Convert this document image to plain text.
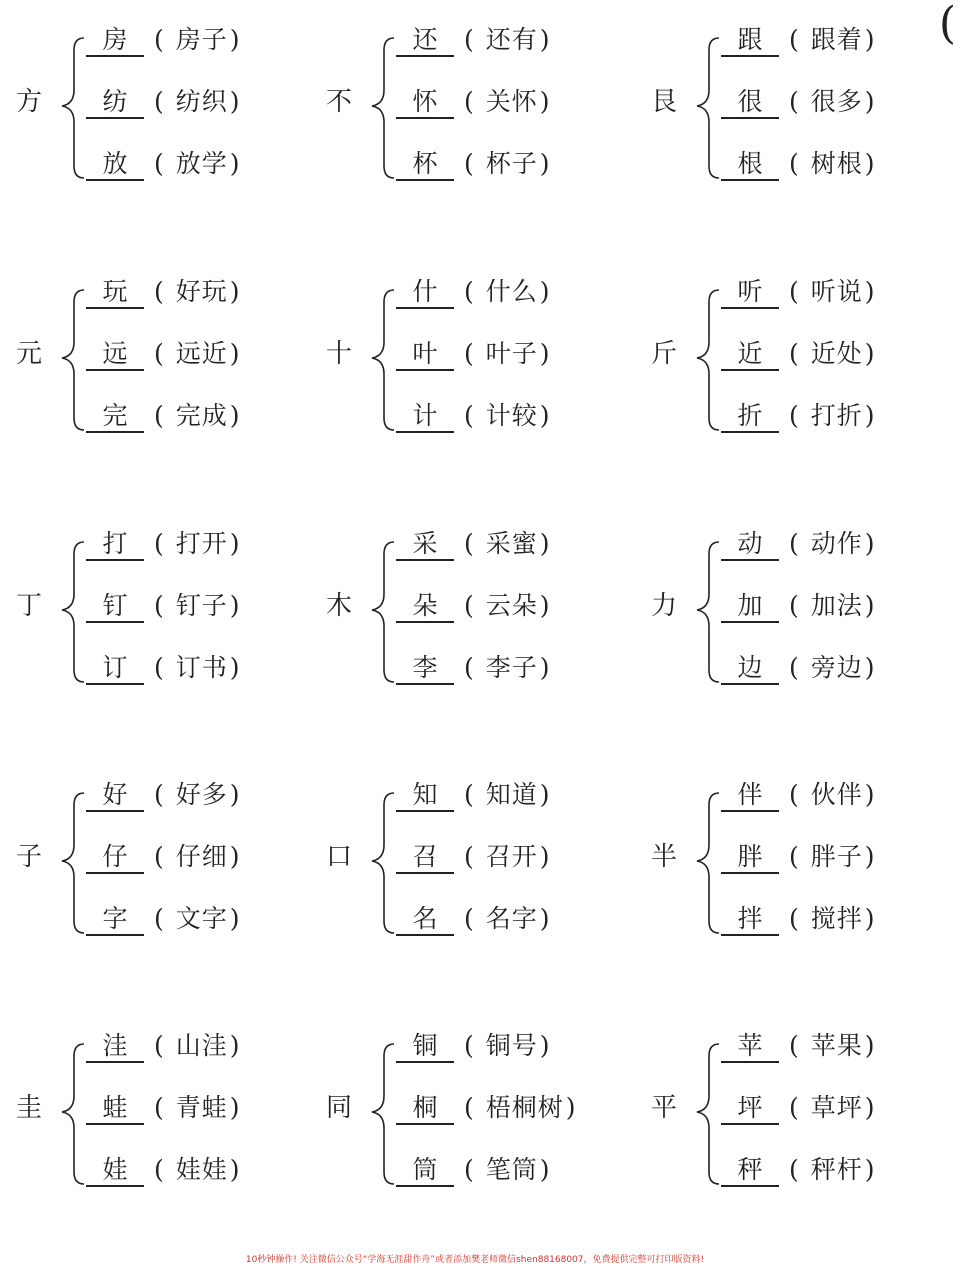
方
房 ( 房子)
纺 ( 纺织)
放 ( 放学)
不
还 ( 还有)
怀 ( 关怀)
杯 ( 杯子)
艮
跟 ( 跟着)
很 ( 很多)
根 ( 树根)
元
玩 ( 好玩)
远 ( 远近)
完 ( 完成)
十
什 ( 什么)
叶 ( 叶子)
计 ( 计较)
斤
听 ( 听说)
近 ( 近处)
折 ( 打折)
丁
打 ( 打开)
钉 ( 钉子)
订 ( 订书)
木
采 ( 采蜜)
朵 ( 云朵)
李 ( 李子)
力
动 ( 动作)
加 ( 加法)
边 ( 旁边)
子
好 ( 好多)
仔 ( 仔细)
字 ( 文字)
口
知 ( 知道)
召 ( 召开)
名 ( 名字)
半
伴 ( 伙伴)
胖 ( 胖子)
拌 ( 搅拌)
圭
洼 ( 山洼)
蛙 ( 青蛙)
娃 ( 娃娃)
同
铜 ( 铜号)
桐 ( 梧桐树)
筒 ( 笔筒)
平
苹 ( 苹果)
坪 ( 草坪)
秤 ( 秤杆)
(
10秒钟操作! 关注微信公众号“学海无涯甜作舟”或者添加樊老师微信shen88168007，免费提供完整可打印版资料!
